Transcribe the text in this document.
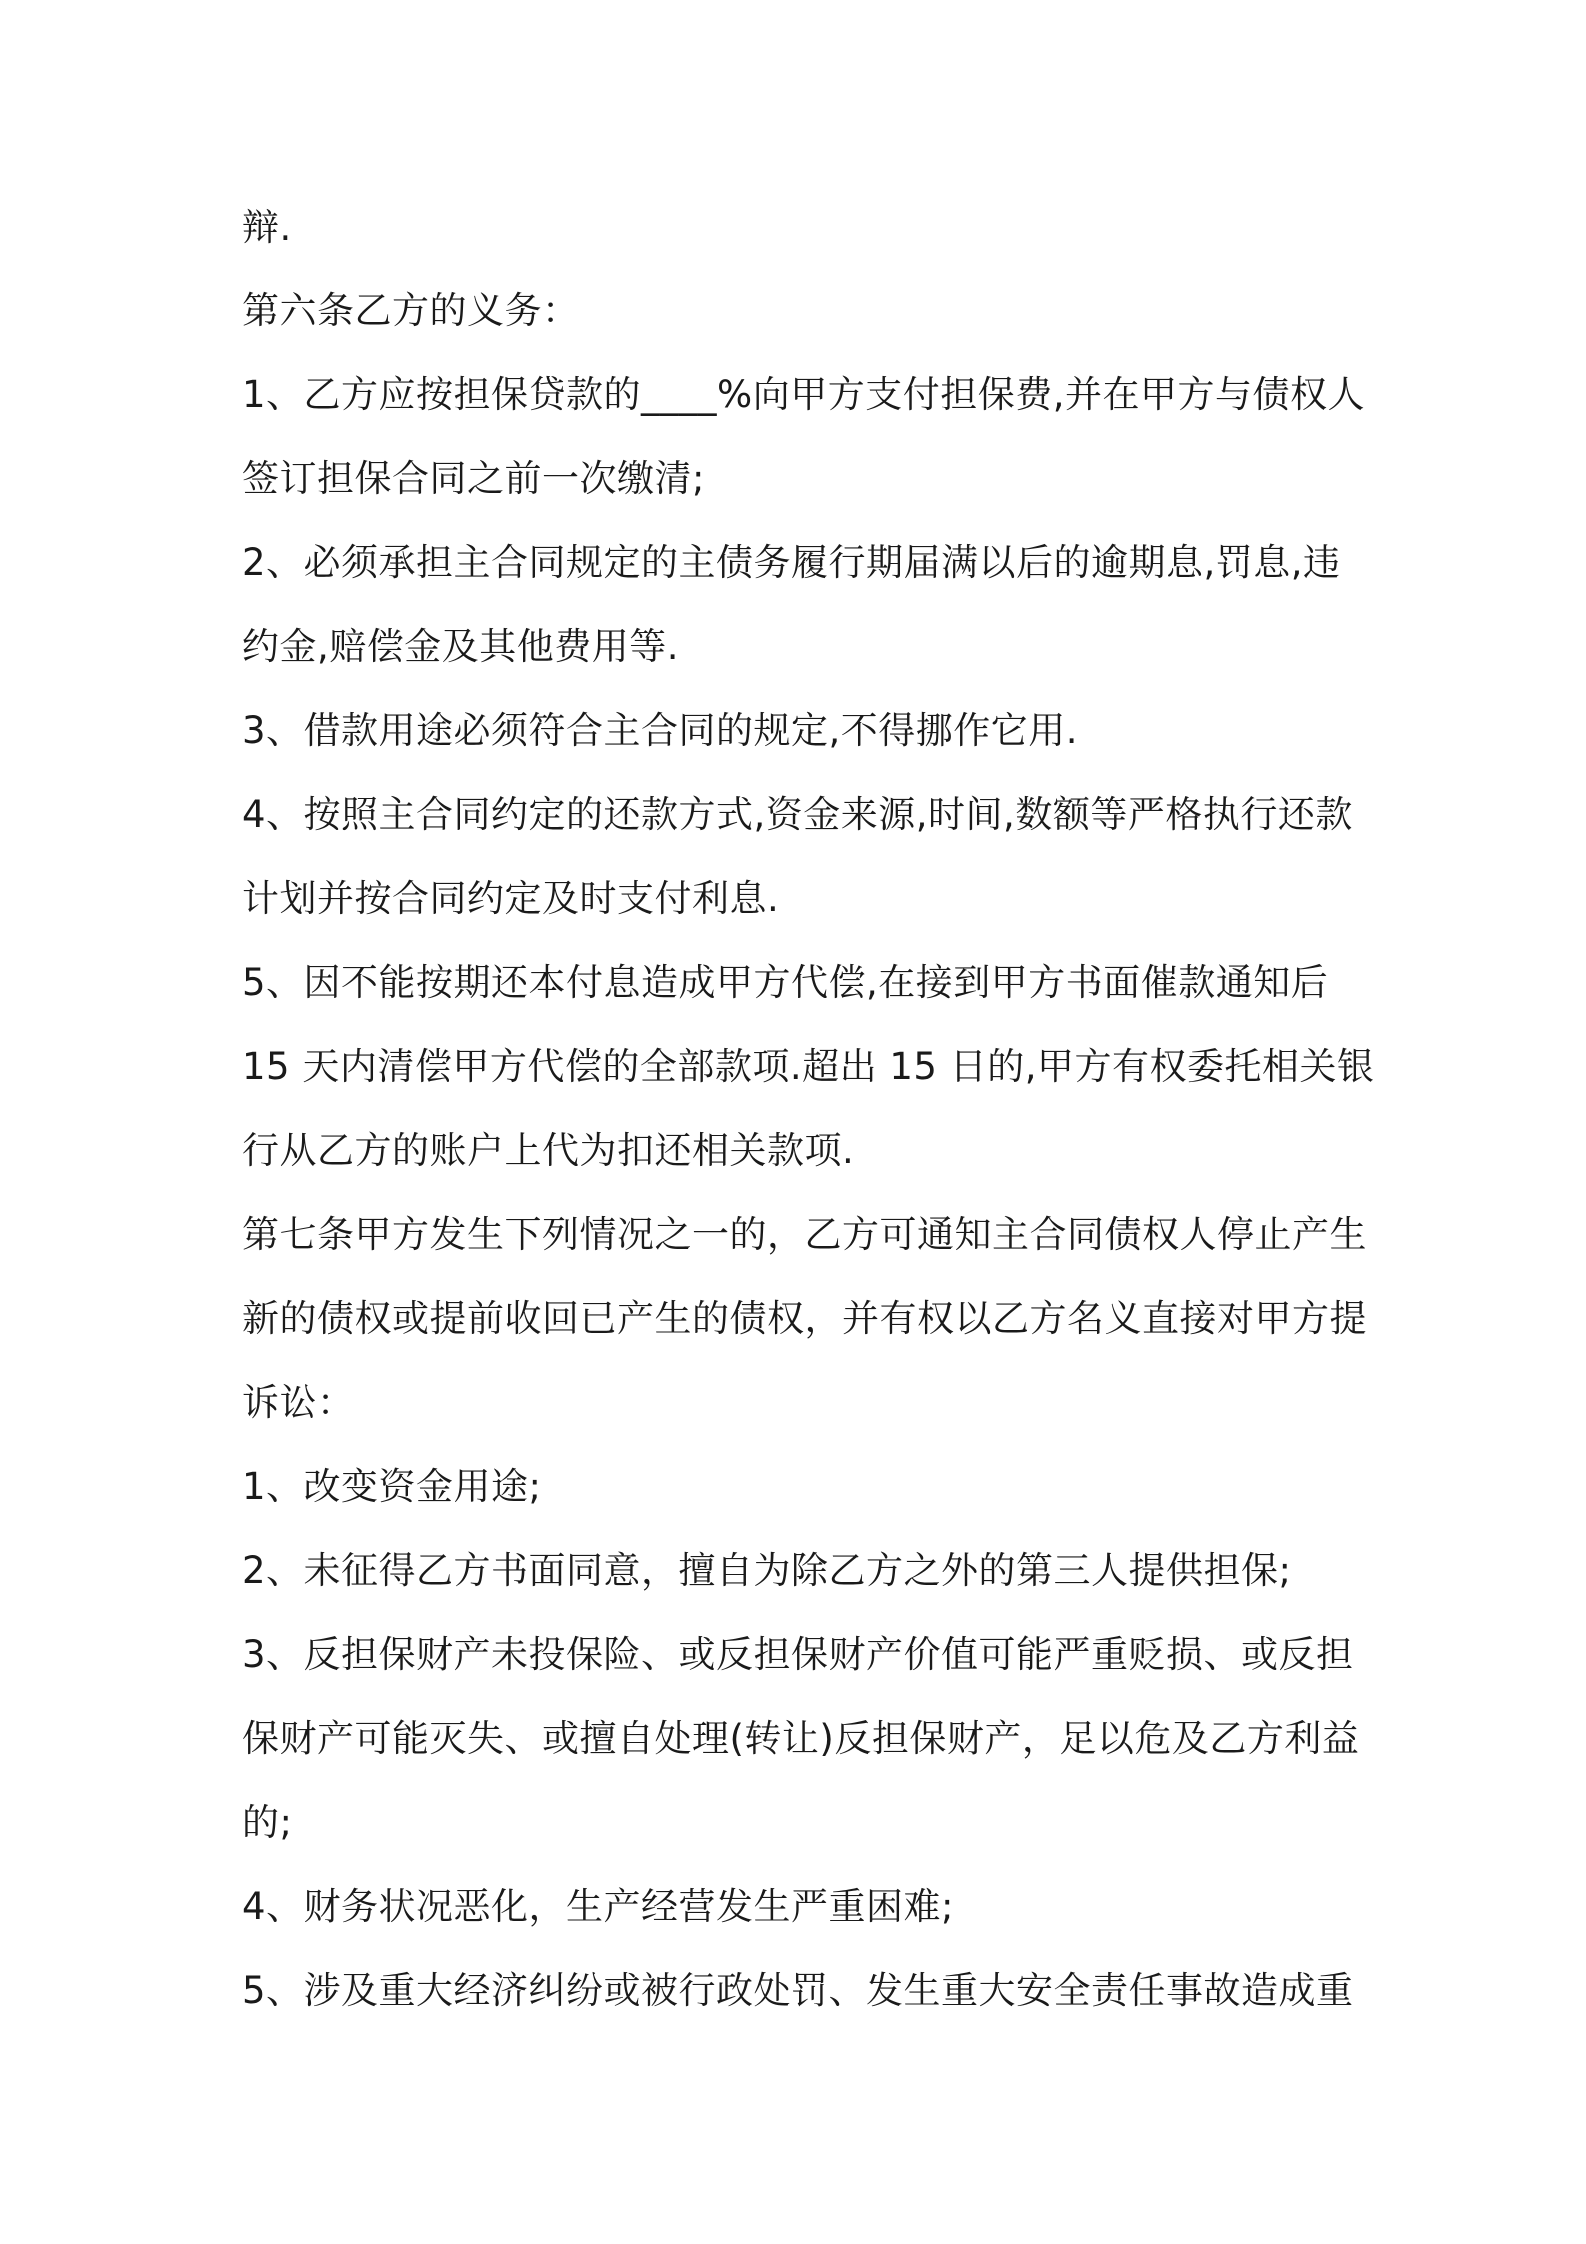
辩.
第六条乙方的义务：
1、乙方应按担保贷款的____%向甲方支付担保费,并在甲方与债权人
签订担保合同之前一次缴清;
2、必须承担主合同规定的主债务履行期届满以后的逾期息,罚息,违
约金,赔偿金及其他费用等.
3、借款用途必须符合主合同的规定,不得挪作它用.
4、按照主合同约定的还款方式,资金来源,时间,数额等严格执行还款
计划并按合同约定及时支付利息.
5、因不能按期还本付息造成甲方代偿,在接到甲方书面催款通知后
15 天内清偿甲方代偿的全部款项.超出 15 日的,甲方有权委托相关银
行从乙方的账户上代为扣还相关款项.
第七条甲方发生下列情况之一的，乙方可通知主合同债权人停止产生
新的债权或提前收回已产生的债权，并有权以乙方名义直接对甲方提
诉讼：
1、改变资金用途;
2、未征得乙方书面同意，擅自为除乙方之外的第三人提供担保;
3、反担保财产未投保险、或反担保财产价值可能严重贬损、或反担
保财产可能灭失、或擅自处理(转让)反担保财产，足以危及乙方利益
的;
4、财务状况恶化，生产经营发生严重困难;
5、涉及重大经济纠纷或被行政处罚、发生重大安全责任事故造成重
